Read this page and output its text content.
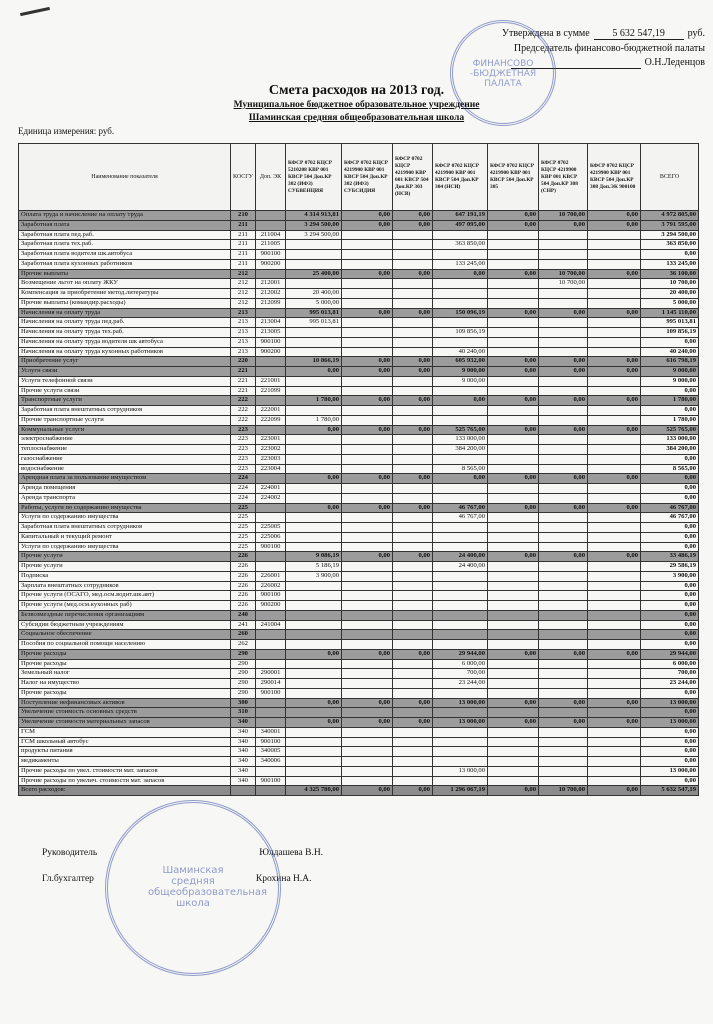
Утверждена в сумме	5 632 547,19	руб.
Председатель финансово-бюджетной палаты

О.Н.Леденцов
ФИНАНСОВО
-БЮДЖЕТНАЯ
ПАЛАТА
Смета расходов на 2013 год.
Муниципальное бюджетное образовательное учреждение
Шаминская средняя общеобразовательная школа
Единица измерения: руб.
Наименование показателя	КОСГУ	Доп. ЭК	КФСР 0702 КЦСР 5210208 КВР 001 КВСР 504 Доп.КР 302 (ИФЗ) СУБВЕНЦИЯ	КФСР 0702 КЦСР 4219900 КВР 001 КВСР 504 Доп.КР 302 (ИФЗ) СУБСИДИЯ	КФСР 0702 КЦСР 4219900 КВР 001 КВСР 504 Доп.КР 303 (НСВ)	КФСР 0702 КЦСР 4219900 КВР 001 КВСР 504 Доп.КР 304 (НСИ)	КФСР 0702 КЦСР 4219900 КВР 001 КВСР 504 Доп.КР 305	КФСР 0702 КЦСР 4219900 КВР 001 КВСР 504 Доп.КР 308 (СНР)	КФСР 0702 КЦСР 4219900 КВР 001 КВСР 504 Доп.КР 308 Доп.ЭК 900100	ВСЕГО
Оплата труда и начисление на оплату труда	210		4 314 913,81	0,00	0,00	647 191,19	0,00	10 700,00	0,00	4 972 805,00
Заработная плата	211		3 294 500,00	0,00	0,00	497 095,00	0,00	0,00	0,00	3 791 595,00
Заработная плата пед.раб.	211	211004	3 294 500,00							3 294 500,00
Заработная плата тех.раб.	211	211005				363 850,00				363 850,00
Заработная плата водителя шк.автобуса	211	900100								0,00
Заработная плата кухонных работников	211	900200				133 245,00				133 245,00
Прочие выплаты	212		25 400,00	0,00	0,00	0,00	0,00	10 700,00	0,00	36 100,00
Возмещение льгот на оплату ЖКУ	212	212001						10 700,00		10 700,00
Компенсация за приобретение метод.литературы	212	212002	20 400,00							20 400,00
Прочие выплаты (командир.расходы)	212	212099	5 000,00							5 000,00
Начисления на оплату труда	213		995 013,81	0,00	0,00	150 096,19	0,00	0,00	0,00	1 145 110,00
Начисления на оплату труда пед.раб.	213	213004	995 013,81							995 013,81
Начисления на оплату труда тех.раб.	213	213005				109 856,19				109 856,19
Начисления на оплату труда водителя шк автобуса	213	900100								0,00
Начисления на оплату труда кухонных работников	213	900200				40 240,00				40 240,00
Приобретение услуг	220		10 866,19	0,00	0,00	605 932,00	0,00	0,00	0,00	616 798,19
Услуги связи	221		0,00	0,00	0,00	9 000,00	0,00	0,00	0,00	9 000,00
Услуги телефонной связи	221	221001				9 000,00				9 000,00
Прочие услуги связи	221	221099								0,00
Транспортные услуги	222		1 780,00	0,00	0,00	0,00	0,00	0,00	0,00	1 780,00
Заработная плата внештатных сотрудников	222	222001								0,00
Прочие транспортные услуги	222	222099	1 780,00							1 780,00
Коммунальные услуги	223		0,00	0,00	0,00	525 765,00	0,00	0,00	0,00	525 765,00
электроснабжение	223	223001				133 000,00				133 000,00
теплоснабжение	223	223002				384 200,00				384 200,00
газоснабжение	223	223003								0,00
водоснабжение	223	223004				8 565,00				8 565,00
Арендная плата за пользование имуществом	224		0,00	0,00	0,00	0,00	0,00	0,00	0,00	0,00
Аренда помещения	224	224001								0,00
Аренда транспорта	224	224002								0,00
Работы, услуги по содержанию имущества	225		0,00	0,00	0,00	46 767,00	0,00	0,00	0,00	46 767,00
Услуги по содержанию имущества	225					46 767,00				46 767,00
Заработная плата внештатных сотрудников	225	225005								0,00
Капитальный и текущий ремонт	225	225006								0,00
Услуги по содержанию имущества	225	900100								0,00
Прочие услуги	226		9 086,19	0,00	0,00	24 400,00	0,00	0,00	0,00	33 486,19
Прочие услуги	226		5 186,19			24 400,00				29 586,19
Подписка	226	226001	3 900,00							3 900,00
Зарплата внештатных сотрудников	226	226002								0,00
Прочие услуги (ОСАГО, мед.осм.водит.шк.авт)	226	900100								0,00
Прочие услуги (мед.осм.кухонных раб)	226	900200								0,00
Безвозмездные перечисления организациям	240									0,00
Субсидии бюджетным учреждениям	241	241004								0,00
Социальное обеспечение	260									0,00
Пособия по социальной помощи населению	262									0,00
Прочие расходы	290		0,00	0,00	0,00	29 944,00	0,00	0,00	0,00	29 944,00
Прочие расходы	290					6 000,00				6 000,00
Земельный налог	290	290001				700,00				700,00
Налог на имущество	290	290014				23 244,00				23 244,00
Прочие расходы	290	900100								0,00
Поступление нефинансовых активов	300		0,00	0,00	0,00	13 000,00	0,00	0,00	0,00	13 000,00
Увеличение стоимость основных средств	310									0,00
Увеличение стоимости материальных запасов	340		0,00	0,00	0,00	13 000,00	0,00	0,00	0,00	13 000,00
ГСМ	340	340001								0,00
ГСМ школьный автобус	340	900100								0,00
продукты питания	340	340005								0,00
медикаменты	340	340006								0,00
Прочие расходы по увел. стоимости мат. запасов	340					13 000,00				13 000,00
Прочие расходы по увелич. стоимости мат. запасов	340	900100								0,00
Всего расходов:			4 325 780,00	0,00	0,00	1 296 067,19	0,00	10 700,00	0,00	5 632 547,19
Руководитель	Юлдашева В.Н.
Гл.бухгалтер	Крохина Н.А.
Шаминская
средняя
общеобразовательная
школа
